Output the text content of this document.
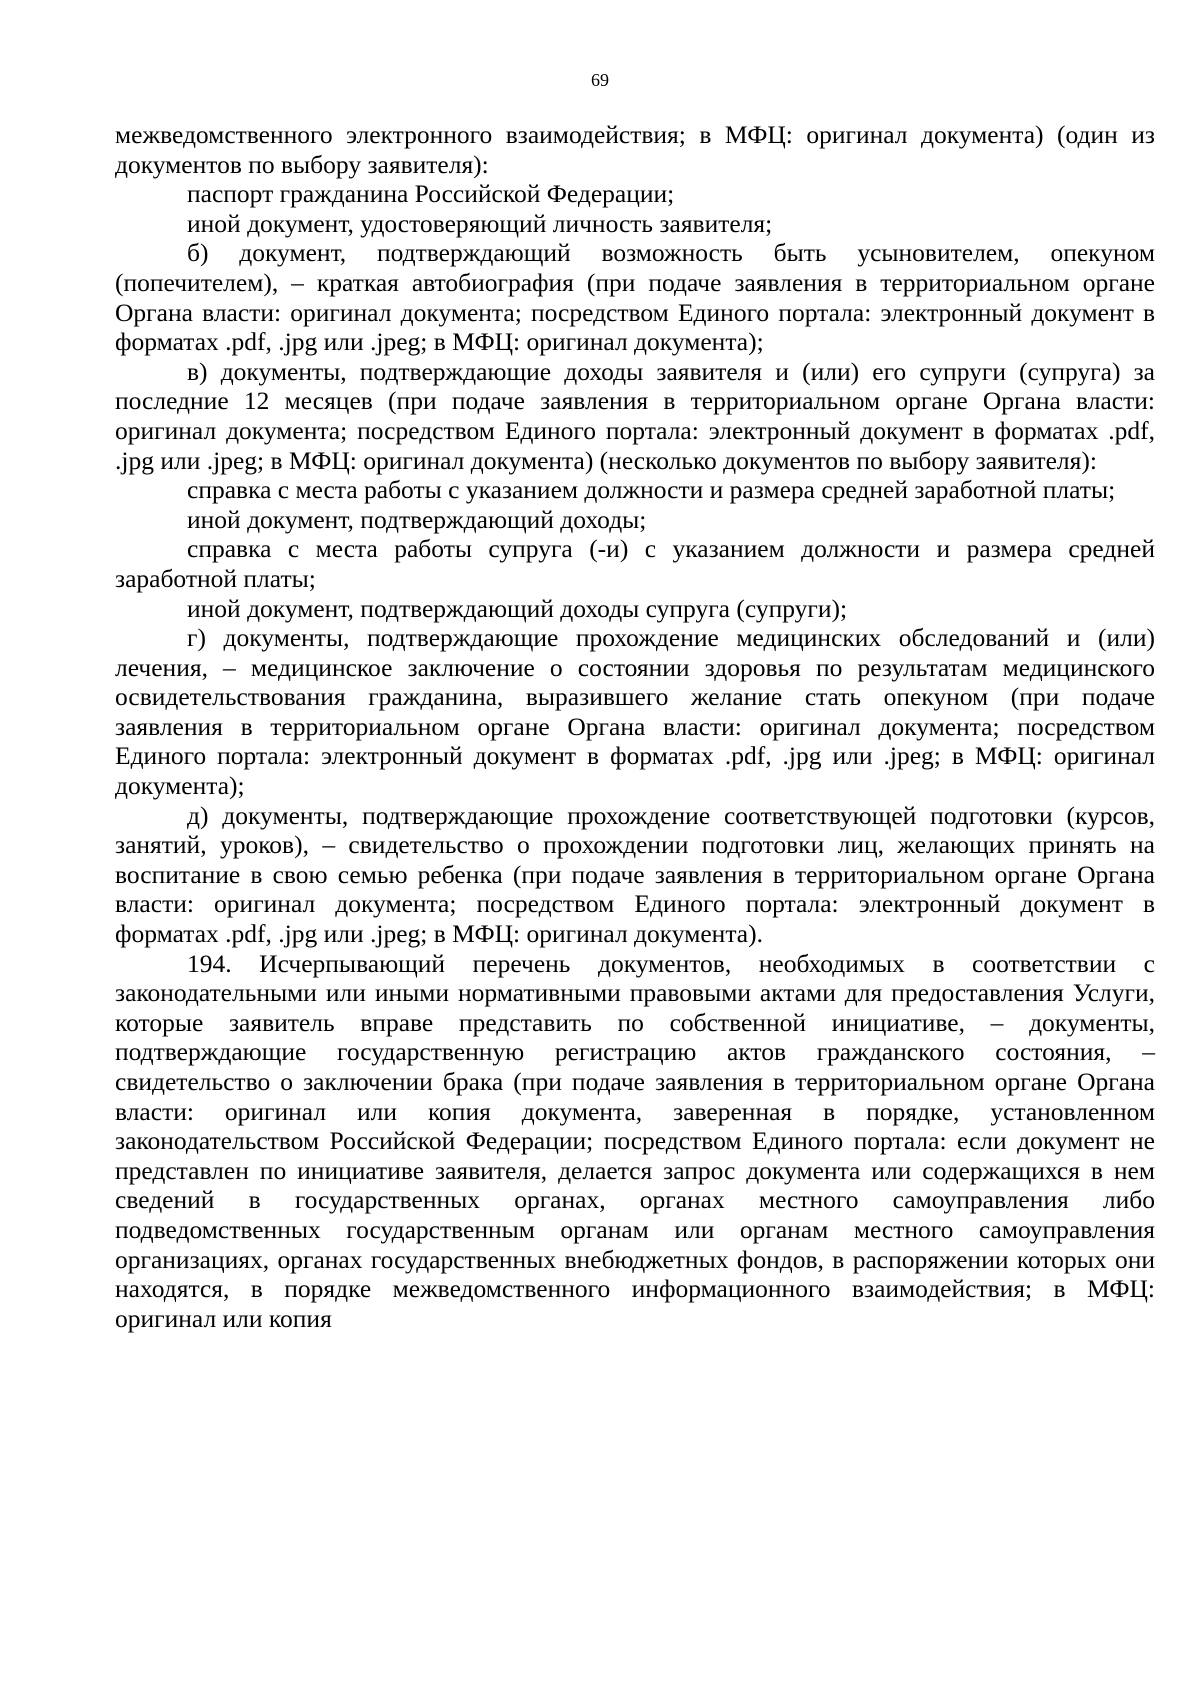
69

межведомственного электронного взаимодействия; в МФЦ: оригинал документа) (один из документов по выбору заявителя):

паспорт гражданина Российской Федерации;

иной документ, удостоверяющий личность заявителя;

б) документ, подтверждающий возможность быть усыновителем, опекуном (попечителем), – краткая автобиография (при подаче заявления в территориальном органе Органа власти: оригинал документа; посредством Единого портала: электронный документ в форматах .pdf, .jpg или .jpeg; в МФЦ: оригинал документа);

в) документы, подтверждающие доходы заявителя и (или) его супруги (супруга) за последние 12 месяцев (при подаче заявления в территориальном органе Органа власти: оригинал документа; посредством Единого портала: электронный документ в форматах .pdf, .jpg или .jpeg; в МФЦ: оригинал документа) (несколько документов по выбору заявителя):

справка с места работы с указанием должности и размера средней заработной платы;

иной документ, подтверждающий доходы;

справка с места работы супруга (-и) с указанием должности и размера средней заработной платы;

иной документ, подтверждающий доходы супруга (супруги);

г) документы, подтверждающие прохождение медицинских обследований и (или) лечения, – медицинское заключение о состоянии здоровья по результатам медицинского освидетельствования гражданина, выразившего желание стать опекуном (при подаче заявления в территориальном органе Органа власти: оригинал документа; посредством Единого портала: электронный документ в форматах .pdf, .jpg или .jpeg; в МФЦ: оригинал документа);

д) документы, подтверждающие прохождение соответствующей подготовки (курсов, занятий, уроков), – свидетельство о прохождении подготовки лиц, желающих принять на воспитание в свою семью ребенка (при подаче заявления в территориальном органе Органа власти: оригинал документа; посредством Единого портала: электронный документ в форматах .pdf, .jpg или .jpeg; в МФЦ: оригинал документа).

194. Исчерпывающий перечень документов, необходимых в соответствии с законодательными или иными нормативными правовыми актами для предоставления Услуги, которые заявитель вправе представить по собственной инициативе, – документы, подтверждающие государственную регистрацию актов гражданского состояния, – свидетельство о заключении брака (при подаче заявления в территориальном органе Органа власти: оригинал или копия документа, заверенная в порядке, установленном законодательством Российской Федерации; посредством Единого портала: если документ не представлен по инициативе заявителя, делается запрос документа или содержащихся в нем сведений в государственных органах, органах местного самоуправления либо подведомственных государственным органам или органам местного самоуправления организациях, органах государственных внебюджетных фондов, в распоряжении которых они находятся, в порядке межведомственного информационного взаимодействия; в МФЦ: оригинал или копия
